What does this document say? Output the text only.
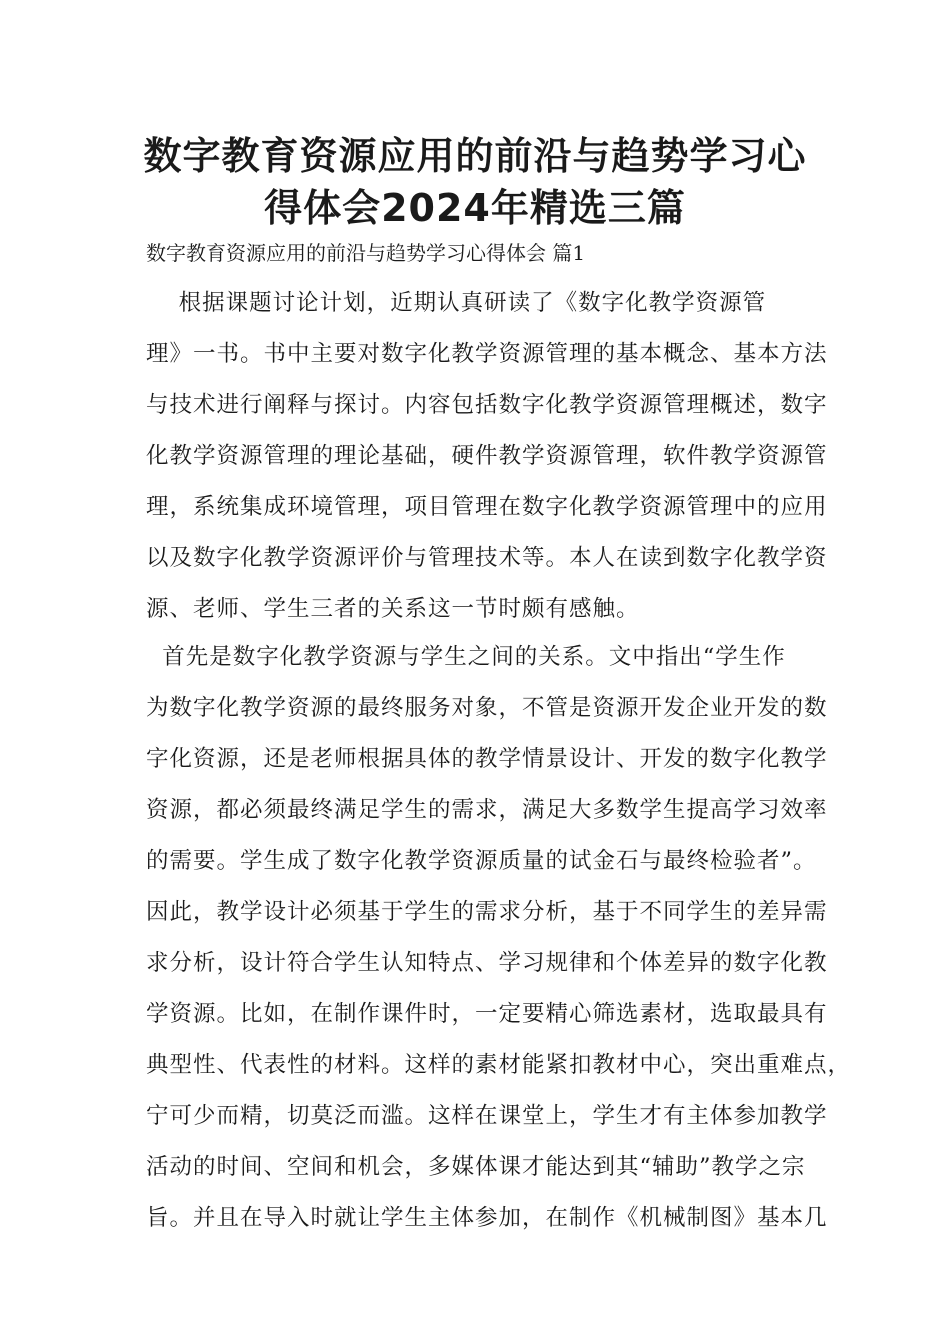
数字教育资源应用的前沿与趋势学习心
得体会2024年精选三篇
数字教育资源应用的前沿与趋势学习心得体会 篇1
根据课题讨论计划，近期认真研读了《数字化教学资源管
理》一书。书中主要对数字化教学资源管理的基本概念、基本方法
与技术进行阐释与探讨。内容包括数字化教学资源管理概述，数字
化教学资源管理的理论基础，硬件教学资源管理，软件教学资源管
理，系统集成环境管理，项目管理在数字化教学资源管理中的应用
以及数字化教学资源评价与管理技术等。本人在读到数字化教学资
源、老师、学生三者的关系这一节时颇有感触。
首先是数字化教学资源与学生之间的关系。文中指出“学生作
为数字化教学资源的最终服务对象，不管是资源开发企业开发的数
字化资源，还是老师根据具体的教学情景设计、开发的数字化教学
资源，都必须最终满足学生的需求，满足大多数学生提高学习效率
的需要。学生成了数字化教学资源质量的试金石与最终检验者”。
因此，教学设计必须基于学生的需求分析，基于不同学生的差异需
求分析，设计符合学生认知特点、学习规律和个体差异的数字化教
学资源。比如，在制作课件时，一定要精心筛选素材，选取最具有
典型性、代表性的材料。这样的素材能紧扣教材中心，突出重难点，
宁可少而精，切莫泛而滥。这样在课堂上，学生才有主体参加教学
活动的时间、空间和机会，多媒体课才能达到其“辅助”教学之宗
旨。并且在导入时就让学生主体参加，在制作《机械制图》基本几
